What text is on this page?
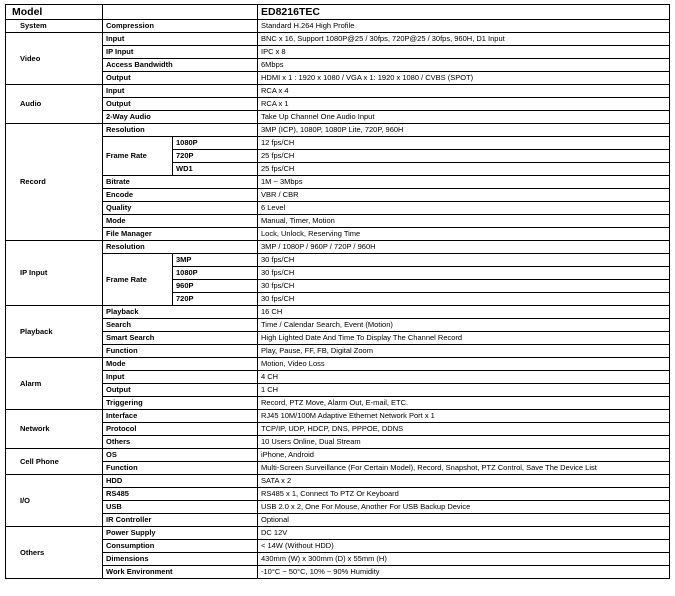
Model			ED8216TEC
System	Compression		Standard H.264 High Profile
Video	Input		BNC x 16, Support 1080P@25 / 30fps, 720P@25 / 30fps, 960H, D1 Input
	IP Input		IPC x 8
	Access Bandwidth		6Mbps
	Output		HDMI x 1 : 1920 x 1080 / VGA x 1: 1920 x 1080 / CVBS (SPOT)
Audio	Input		RCA x 4
	Output		RCA x 1
	2-Way Audio		Take Up Channel One Audio Input
Record	Resolution		3MP (ICP), 1080P, 1080P Lite, 720P, 960H
	Frame Rate	1080P	12 fps/CH
		720P	25 fps/CH
		WD1	25 fps/CH
	Bitrate		1M ~ 3Mbps
	Encode		VBR / CBR
	Quality		6 Level
	Mode		Manual, Timer, Motion
	File Manager		Lock, Unlock, Reserving Time
IP Input	Resolution		3MP / 1080P / 960P / 720P / 960H
	Frame Rate	3MP	30 fps/CH
		1080P	30 fps/CH
		960P	30 fps/CH
		720P	30 fps/CH
Playback	Playback		16 CH
	Search		Time / Calendar Search, Event (Motion)
	Smart Search		High Lighted Date And Time To Display The Channel Record
	Function		Play, Pause, FF, FB, Digital Zoom
Alarm	Mode		Motion, Video Loss
	Input		4 CH
	Output		1 CH
	Triggering		Record, PTZ Move, Alarm Out, E-mail, ETC.
Network	Interface		RJ45 10M/100M Adaptive Ethernet Network Port x 1
	Protocol		TCP/IP, UDP, HDCP, DNS, PPPOE, DDNS
	Others		10 Users Online, Dual Stream
Cell Phone	OS		iPhone, Android
	Function		Multi-Screen Surveillance (For Certain Model), Record, Snapshot, PTZ Control, Save The Device List
I/O	HDD		SATA x 2
	RS485		RS485 x 1, Connect To PTZ Or Keyboard
	USB		USB 2.0 x 2, One For Mouse, Another For USB Backup Device
	IR Controller		Optional
Others	Power Supply		DC 12V
	Consumption		< 14W (Without HDD)
	Dimensions		430mm (W) x 300mm (D) x 55mm (H)
	Work Environment		-10°C ~ 50°C, 10% ~ 90% Humidity
